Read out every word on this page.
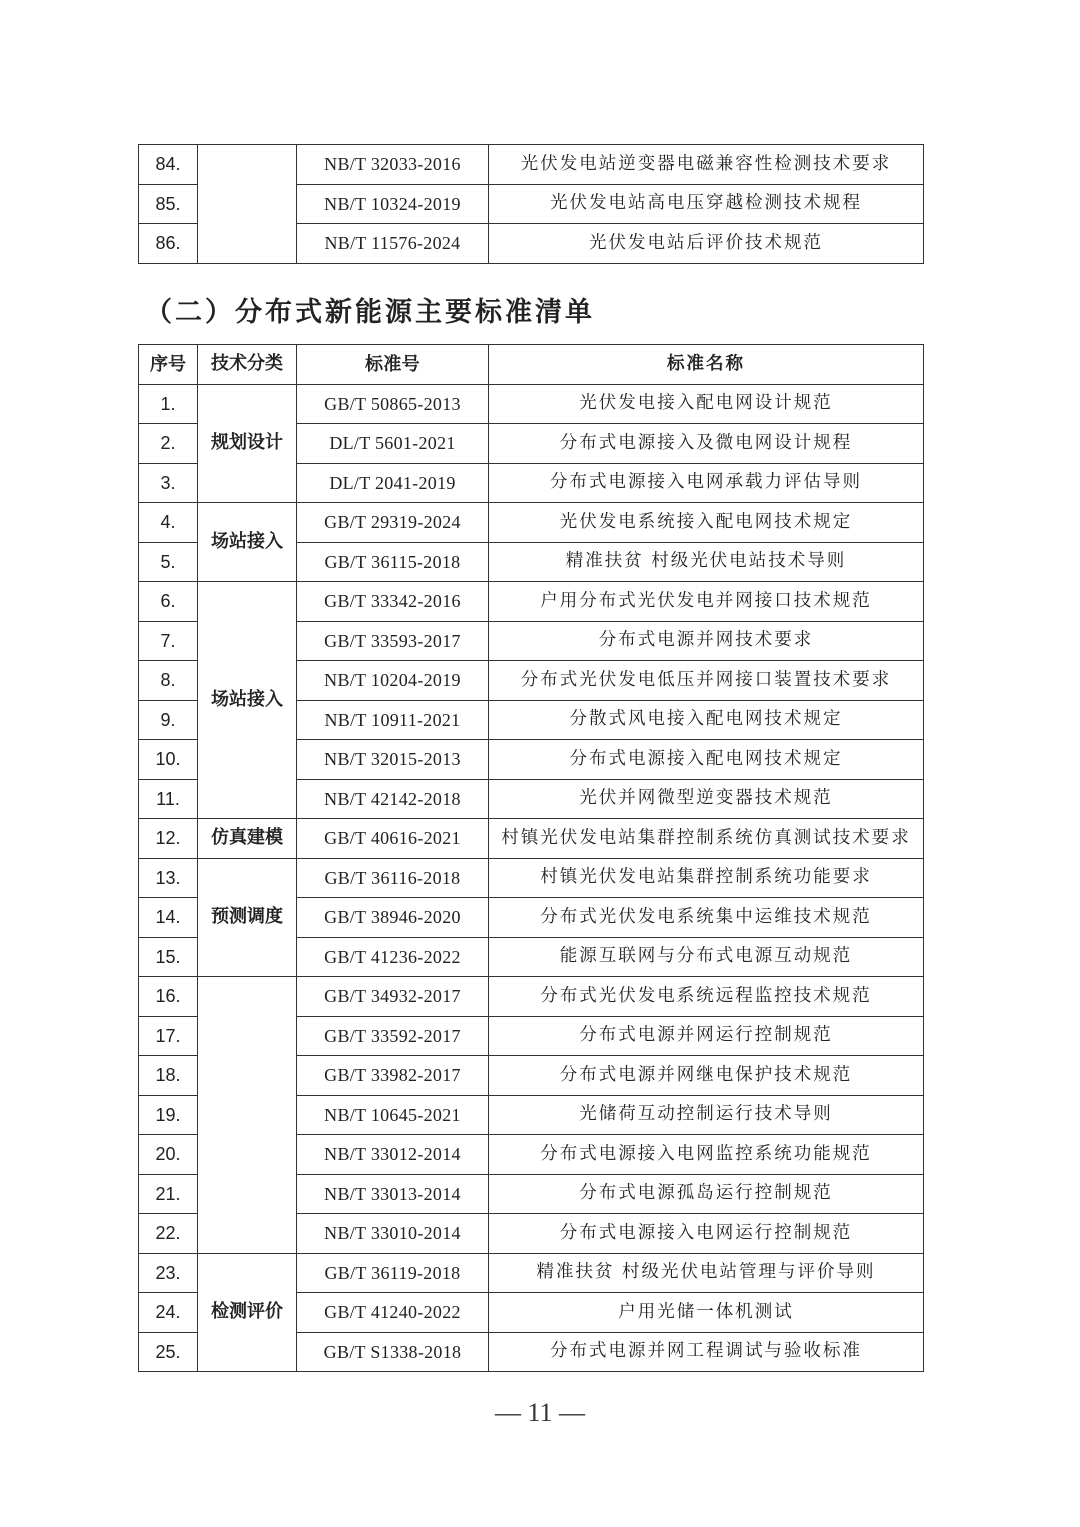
84.		NB/T 32033-2016	光伏发电站逆变器电磁兼容性检测技术要求
85.		NB/T 10324-2019	光伏发电站高电压穿越检测技术规程
86.		NB/T 11576-2024	光伏发电站后评价技术规范
（二）分布式新能源主要标准清单
序号	技术分类	标准号	标准名称
1.	规划设计	GB/T 50865-2013	光伏发电接入配电网设计规范
2.		DL/T 5601-2021	分布式电源接入及微电网设计规程
3.		DL/T 2041-2019	分布式电源接入电网承载力评估导则
4.	场站接入	GB/T 29319-2024	光伏发电系统接入配电网技术规定
5.		GB/T 36115-2018	精准扶贫 村级光伏电站技术导则
6.	场站接入	GB/T 33342-2016	户用分布式光伏发电并网接口技术规范
7.		GB/T 33593-2017	分布式电源并网技术要求
8.		NB/T 10204-2019	分布式光伏发电低压并网接口装置技术要求
9.		NB/T 10911-2021	分散式风电接入配电网技术规定
10.		NB/T 32015-2013	分布式电源接入配电网技术规定
11.		NB/T 42142-2018	光伏并网微型逆变器技术规范
12.	仿真建模	GB/T 40616-2021	村镇光伏发电站集群控制系统仿真测试技术要求
13.	预测调度	GB/T 36116-2018	村镇光伏发电站集群控制系统功能要求
14.		GB/T 38946-2020	分布式光伏发电系统集中运维技术规范
15.		GB/T 41236-2022	能源互联网与分布式电源互动规范
16.		GB/T 34932-2017	分布式光伏发电系统远程监控技术规范
17.		GB/T 33592-2017	分布式电源并网运行控制规范
18.		GB/T 33982-2017	分布式电源并网继电保护技术规范
19.		NB/T 10645-2021	光储荷互动控制运行技术导则
20.		NB/T 33012-2014	分布式电源接入电网监控系统功能规范
21.		NB/T 33013-2014	分布式电源孤岛运行控制规范
22.		NB/T 33010-2014	分布式电源接入电网运行控制规范
23.	检测评价	GB/T 36119-2018	精准扶贫 村级光伏电站管理与评价导则
24.		GB/T 41240-2022	户用光储一体机测试
25.		GB/T S1338-2018	分布式电源并网工程调试与验收标准
— 11 —
